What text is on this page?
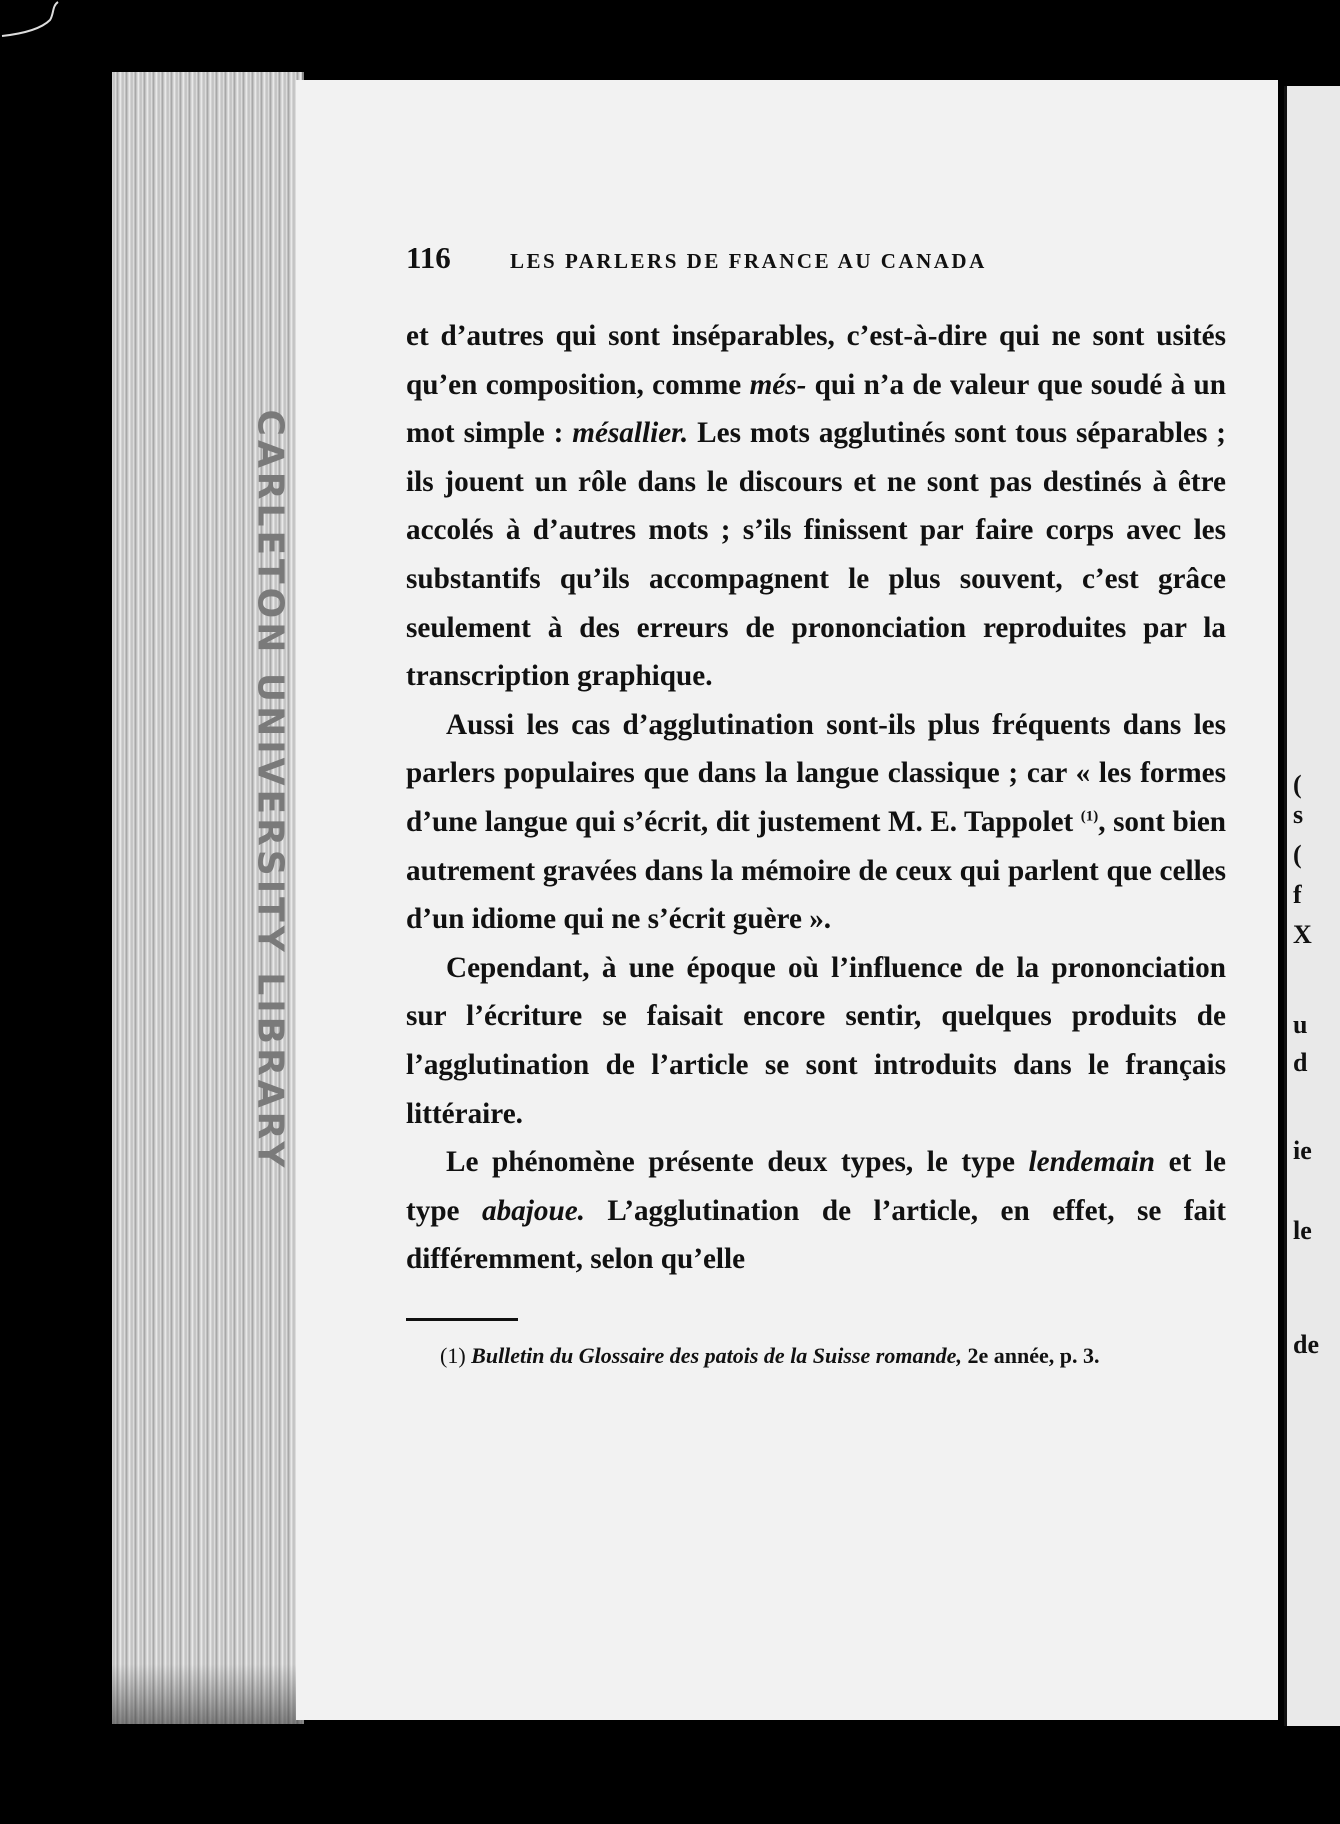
CARLETON UNIVERSITY LIBRARY	(
s
(
f
X
u
d
ie
le
de
116	LES PARLERS DE FRANCE AU CANADA

et d’autres qui sont inséparables, c’est-à-dire qui ne sont usités qu’en composition, comme més- qui n’a de valeur que soudé à un mot simple : mésallier. Les mots agglutinés sont tous séparables ; ils jouent un rôle dans le discours et ne sont pas destinés à être accolés à d’autres mots ; s’ils finissent par faire corps avec les substantifs qu’ils accompagnent le plus souvent, c’est grâce seulement à des erreurs de prononciation reproduites par la transcription graphique.

Aussi les cas d’agglutination sont-ils plus fréquents dans les parlers populaires que dans la langue classique ; car « les formes d’une langue qui s’écrit, dit justement M. E. Tappolet $^{(1)}$, sont bien autrement gravées dans la mémoire de ceux qui parlent que celles d’un idiome qui ne s’écrit guère ».

Cependant, à une époque où l’influence de la prononciation sur l’écriture se faisait encore sentir, quelques produits de l’agglutination de l’article se sont introduits dans le français littéraire.

Le phénomène présente deux types, le type lendemain et le type abajoue. L’agglutination de l’article, en effet, se fait différemment, selon qu’elle

(1) Bulletin du Glossaire des patois de la Suisse romande, 2e année, p. 3.
